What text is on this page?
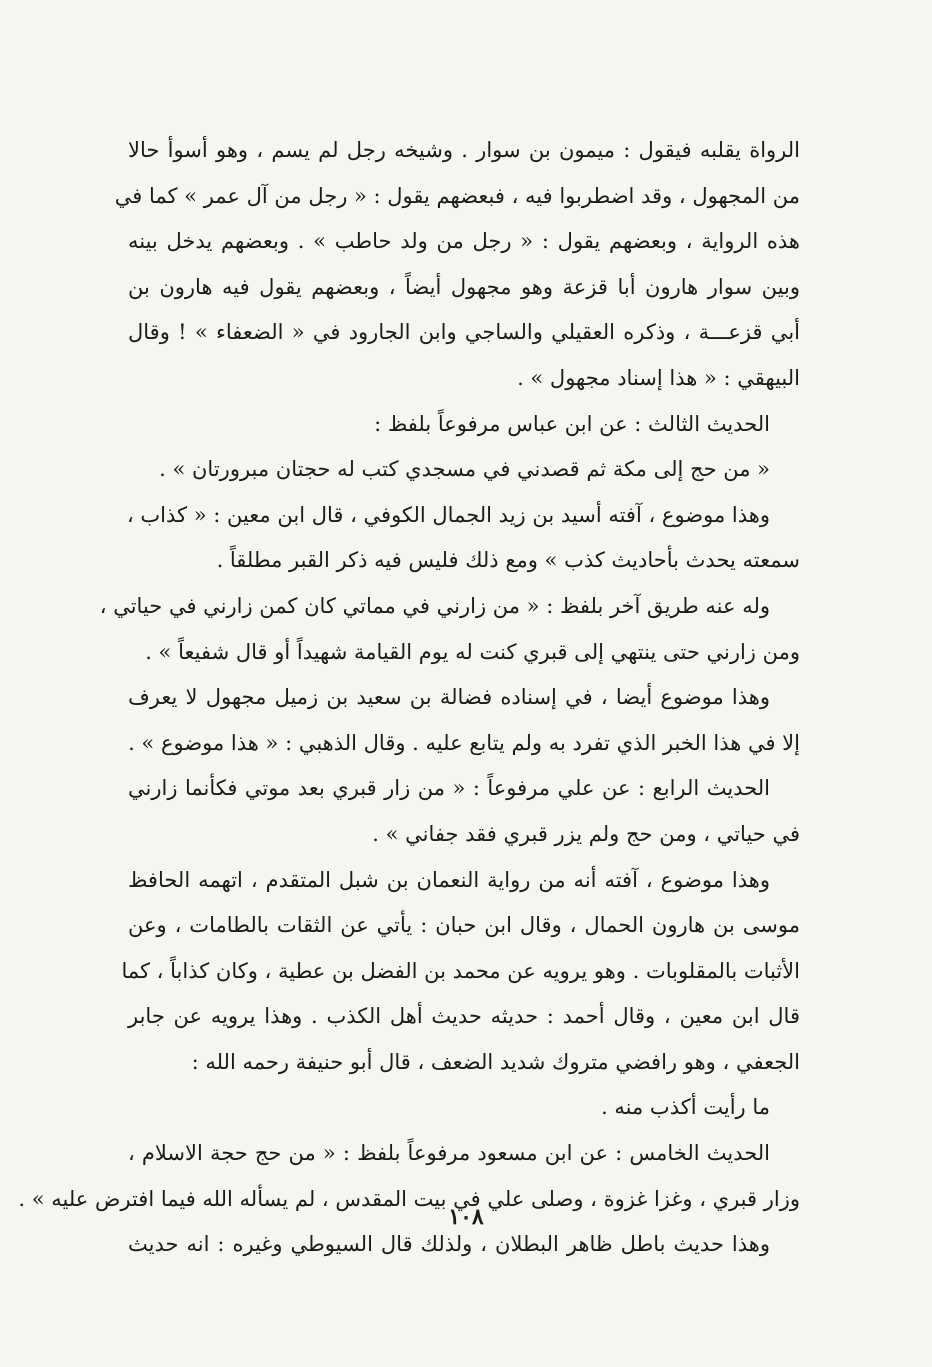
الرواة يقلبه فيقول : ميمون بن سوار . وشيخه رجل لم يسم ، وهو أسوأ حالا
من المجهول ، وقد اضطربوا فيه ، فبعضهم يقول : « رجل من آل عمر » كما في
هذه الرواية ، وبعضهم يقول : « رجل من ولد حاطب » . وبعضهم يدخل بينه
وبين سوار هارون أبا قزعة وهو مجهول أيضاً ، وبعضهم يقول فيه هارون بن
أبي قزعـــة ، وذكره العقيلي والساجي وابن الجارود في « الضعفاء » ! وقال
البيهقي : « هذا إسناد مجهول » .
الحديث الثالث : عن ابن عباس مرفوعاً بلفظ :
« من حج إلى مكة ثم قصدني في مسجدي كتب له حجتان مبرورتان » .
وهذا موضوع ، آفته أسيد بن زيد الجمال الكوفي ، قال ابن معين : « كذاب ،
سمعته يحدث بأحاديث كذب » ومع ذلك فليس فيه ذكر القبر مطلقاً .
وله عنه طريق آخر بلفظ : « من زارني في مماتي كان كمن زارني في حياتي ،
ومن زارني حتى ينتهي إلى قبري كنت له يوم القيامة شهيداً أو قال شفيعاً » .
وهذا موضوع أيضا ، في إسناده فضالة بن سعيد بن زميل مجهول لا يعرف
إلا في هذا الخبر الذي تفرد به ولم يتابع عليه . وقال الذهبي : « هذا موضوع » .
الحديث الرابع : عن علي مرفوعاً : « من زار قبري بعد موتي فكأنما زارني
في حياتي ، ومن حج ولم يزر قبري فقد جفاني » .
وهذا موضوع ، آفته أنه من رواية النعمان بن شبل المتقدم ، اتهمه الحافظ
موسى بن هارون الحمال ، وقال ابن حبان : يأتي عن الثقات بالطامات ، وعن
الأثبات بالمقلوبات . وهو يرويه عن محمد بن الفضل بن عطية ، وكان كذاباً ، كما
قال ابن معين ، وقال أحمد : حديثه حديث أهل الكذب . وهذا يرويه عن جابر
الجعفي ، وهو رافضي متروك شديد الضعف ، قال أبو حنيفة رحمه الله :
ما رأيت أكذب منه .
الحديث الخامس : عن ابن مسعود مرفوعاً بلفظ : « من حج حجة الاسلام ،
وزار قبري ، وغزا غزوة ، وصلى علي في بيت المقدس ، لم يسأله الله فيما افترض عليه » .
وهذا حديث باطل ظاهر البطلان ، ولذلك قال السيوطي وغيره : انه حديث
١٠٨
